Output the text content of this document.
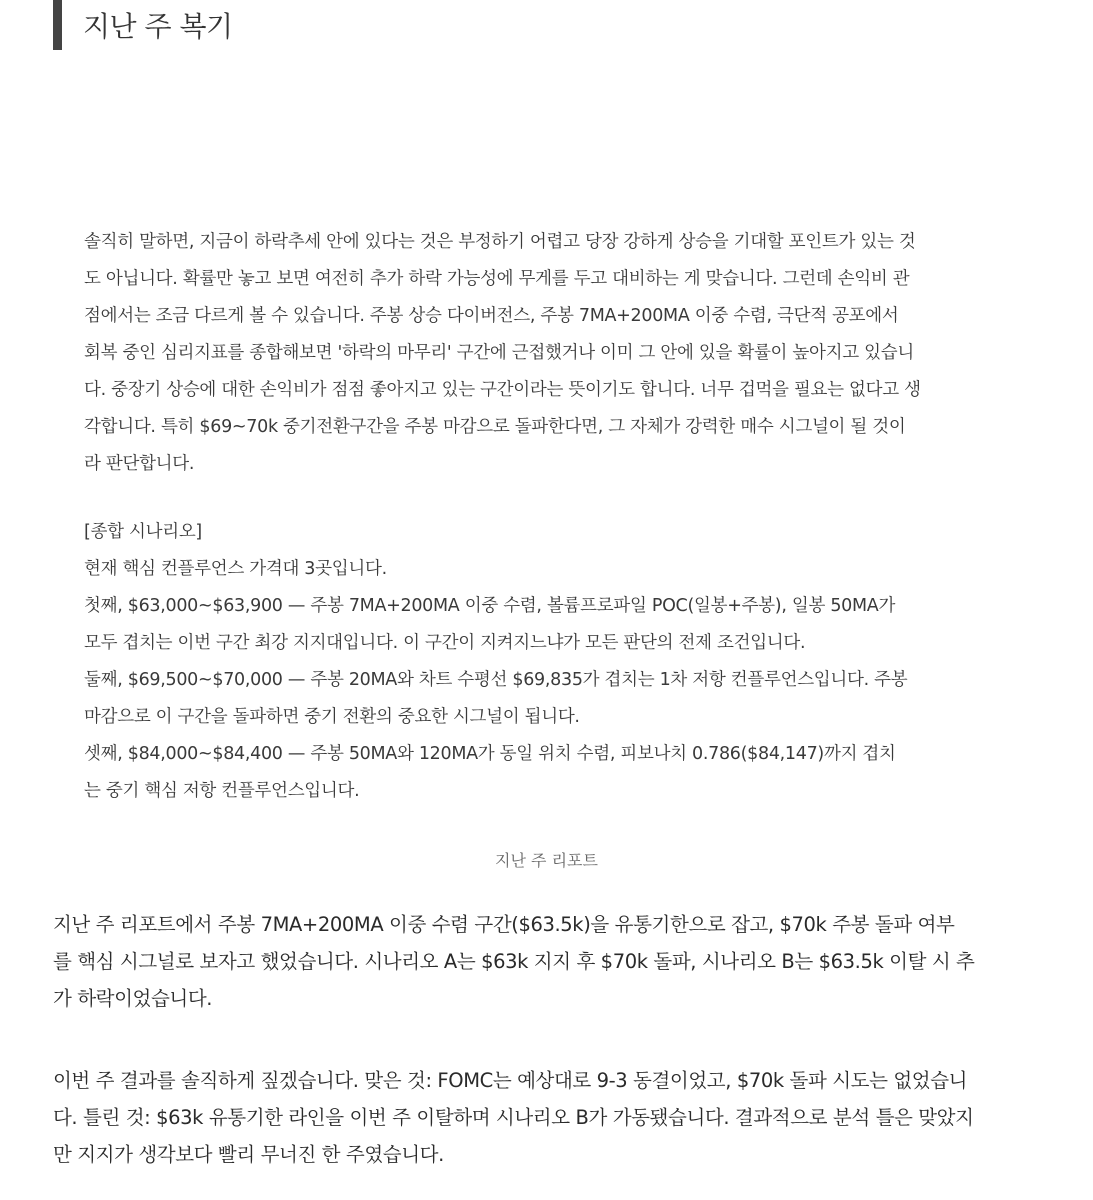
지난 주 복기
솔직히 말하면, 지금이 하락추세 안에 있다는 것은 부정하기 어렵고 당장 강하게 상승을 기대할 포인트가 있는 것
도 아닙니다. 확률만 놓고 보면 여전히 추가 하락 가능성에 무게를 두고 대비하는 게 맞습니다. 그런데 손익비 관
점에서는 조금 다르게 볼 수 있습니다. 주봉 상승 다이버전스, 주봉 7MA+200MA 이중 수렴, 극단적 공포에서
회복 중인 심리지표를 종합해보면 '하락의 마무리' 구간에 근접했거나 이미 그 안에 있을 확률이 높아지고 있습니
다. 중장기 상승에 대한 손익비가 점점 좋아지고 있는 구간이라는 뜻이기도 합니다. 너무 겁먹을 필요는 없다고 생
각합니다. 특히 $69~70k 중기전환구간을 주봉 마감으로 돌파한다면, 그 자체가 강력한 매수 시그널이 될 것이
라 판단합니다.
[종합 시나리오]
현재 핵심 컨플루언스 가격대 3곳입니다.
첫째, $63,000~$63,900 — 주봉 7MA+200MA 이중 수렴, 볼륨프로파일 POC(일봉+주봉), 일봉 50MA가
모두 겹치는 이번 구간 최강 지지대입니다. 이 구간이 지켜지느냐가 모든 판단의 전제 조건입니다.
둘째, $69,500~$70,000 — 주봉 20MA와 차트 수평선 $69,835가 겹치는 1차 저항 컨플루언스입니다. 주봉
마감으로 이 구간을 돌파하면 중기 전환의 중요한 시그널이 됩니다.
셋째, $84,000~$84,400 — 주봉 50MA와 120MA가 동일 위치 수렴, 피보나치 0.786($84,147)까지 겹치
는 중기 핵심 저항 컨플루언스입니다.
지난 주 리포트
지난 주 리포트에서 주봉 7MA+200MA 이중 수렴 구간($63.5k)을 유통기한으로 잡고, $70k 주봉 돌파 여부
를 핵심 시그널로 보자고 했었습니다. 시나리오 A는 $63k 지지 후 $70k 돌파, 시나리오 B는 $63.5k 이탈 시 추
가 하락이었습니다.
이번 주 결과를 솔직하게 짚겠습니다. 맞은 것: FOMC는 예상대로 9-3 동결이었고, $70k 돌파 시도는 없었습니
다. 틀린 것: $63k 유통기한 라인을 이번 주 이탈하며 시나리오 B가 가동됐습니다. 결과적으로 분석 틀은 맞았지
만 지지가 생각보다 빨리 무너진 한 주였습니다.
